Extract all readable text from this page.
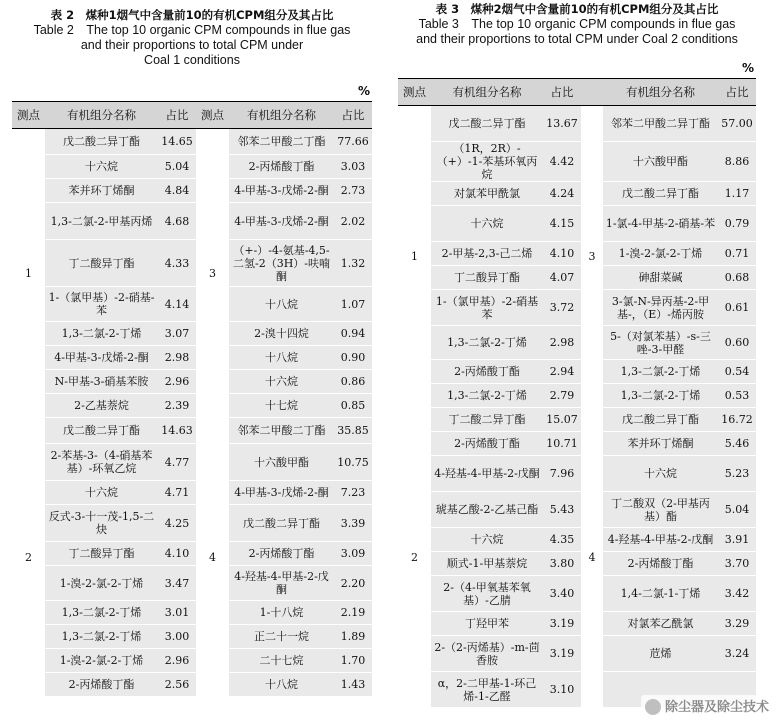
表 2　煤种1烟气中含量前10的有机CPM组分及其占比
Table 2　The top 10 organic CPM compounds in flue gas
and their proportions to total CPM under
Coal 1 conditions
%
测点	有机组分名称	占比	测点	有机组分名称	占比
1	戊二酸二异丁酯	14.65	3	邻苯二甲酸二丁酯	77.66
	十六烷	5.04		2-丙烯酸丁酯	3.03
	苯并环丁烯酮	4.84		4-甲基-3-戊烯-2-酮	2.73
	1,3-二氯-2-甲基丙烯	4.68		4-甲基-3-戊烯-2-酮	2.02
	丁二酸异丁酯	4.33		（+-）-4-氨基-4,5-二氢-2（3H）-呋喃酮	1.32
	1-（氯甲基）-2-硝基-苯	4.14		十八烷	1.07
	1,3-二氯-2-丁烯	3.07		2-溴十四烷	0.94
	4-甲基-3-戊烯-2-酮	2.98		十八烷	0.90
	N-甲基-3-硝基苯胺	2.96		十六烷	0.86
	2-乙基萘烷	2.39		十七烷	0.85
2	戊二酸二异丁酯	14.63	4	邻苯二甲酸二丁酯	35.85
	2-苯基-3-（4-硝基苯基）-环氧乙烷	4.77		十六酸甲酯	10.75
	十六烷	4.71		4-甲基-3-戊烯-2-酮	7.23
	反式-3-十一茂-1,5-二炔	4.25		戊二酸二异丁酯	3.39
	丁二酸异丁酯	4.10		2-丙烯酸丁酯	3.09
	1-溴-2-氯-2-丁烯	3.47		4-羟基-4-甲基-2-戊酮	2.20
	1,3-二氯-2-丁烯	3.01		1-十八烷	2.19
	1,3-二氯-2-丁烯	3.00		正二十一烷	1.89
	1-溴-2-氯-2-丁烯	2.96		二十七烷	1.70
	2-丙烯酸丁酯	2.56		十八烷	1.43
表 3　煤种2烟气中含量前10的有机CPM组分及其占比
Table 3　The top 10 organic CPM compounds in flue gas
and their proportions to total CPM under Coal 2 conditions
%
测点	有机组分名称	占比		有机组分名称	占比
1	戊二酸二异丁酯	13.67	3	邻苯二甲酸二异丁酯	57.00
	（1R，2R）-（+）-1-苯基环氧丙烷	4.42		十六酸甲酯	8.86
	对氯苯甲酰氯	4.24		戊二酸二异丁酯	1.17
	十六烷	4.15		1-氯-4-甲基-2-硝基-苯	0.79
	2-甲基-2,3-己二烯	4.10		1-溴-2-氯-2-丁烯	0.71
	丁二酸异丁酯	4.07		砷甜菜碱	0.68
	1-（氯甲基）-2-硝基苯	3.72		3-氯-N-异丙基-2-甲基-，（E）-烯丙胺	0.61
	1,3-二氯-2-丁烯	2.98		5-（对氯苯基）-s-三唑-3-甲醛	0.60
	2-丙烯酸丁酯	2.94		1,3-二氯-2-丁烯	0.54
	1,3-二氯-2-丁烯	2.79		1,3-二氯-2-丁烯	0.53
2	丁二酸二异丁酯	15.07	4	戊二酸二异丁酯	16.72
	2-丙烯酸丁酯	10.71		苯并环丁烯酮	5.46
	4-羟基-4-甲基-2-戊酮	7.96		十六烷	5.23
	琥基乙酸-2-乙基己酯	5.43		丁二酸双（2-甲基丙基）酯	5.04
	十六烷	4.35		4-羟基-4-甲基-2-戊酮	3.91
	顺式-1-甲基萘烷	3.80		2-丙烯酸丁酯	3.70
	2-（4-甲氧基苯氧基）-乙腈	3.40		1,4-二氯-1-丁烯	3.42
	丁羟甲苯	3.19		对氯苯乙酰氯	3.29
	2-（2-丙烯基）-m-茴香胺	3.19		苊烯	3.24
	α，2-二甲基-1-环己烯-1-乙醛	3.10			
除尘器及除尘技术
